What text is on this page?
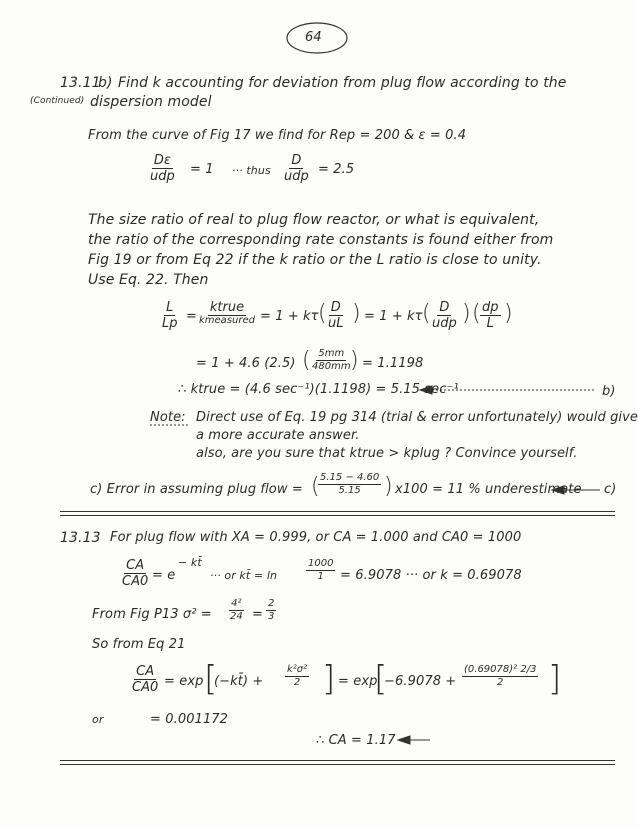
64
13.11
b) Find k accounting for deviation from plug flow according to the
(Continued) dispersion model
From the curve of Fig 17 we find for Rep = 200 & ε = 0.4
Dε
udp = 1 ··· thus
D
udp = 2.5
The size ratio of real to plug flow reactor, or what is equivalent,
the ratio of the corresponding rate constants is found either from
Fig 19 or from Eq 22 if the k ratio or the L ratio is close to unity.
Use Eq. 22. Then
$\frac{L}{Lp}$ =
ktrue
kmeasured = 1 + kτ ( $\frac{D}{uL}$ ) = 1 + kτ ( D
udp ) ( $\frac{dp}{L}$ )
= 1 + 4.6 (2.5) ( $\frac{5mm}{480mm}$
) = 1.1198
∴ ktrue = (4.6 sec⁻¹)(1.1198) = 5.15 sec⁻¹	b)
Note: Direct use of Eq. 19 pg 314 (trial & error unfortunately) would give
a more accurate answer.
also, are you sure that ktrue > kplug ? Convince yourself.
c) Error in assuming plug flow = (
$\frac{5.15 - 4.60}{5.15}$ ) x100 = 11 % underestimate c)
13.13 For plug flow with XA = 0.999, or CA = 1.000 and CA0 = 1000
$\frac{CA}{CA0} = e$
− kt̄
··· or kt̄ = ln	$\frac{1000}{1} = 6.9078$ ··· or k = 0.69078
From Fig P13 $\sigma^2 = \frac{\text{4²}}{24} = \frac{2}{3}$
So from Eq 21
$\frac{CA}{CA0} = \exp$ [
(−kt̄) + $\frac{\text{k²σ²}}{2}$ ] = exp
[
$-6.9078 + \frac{\text{(0.69078)² 2/3}}{2}$ ]
or	= 0.001172
∴ CA = 1.17
